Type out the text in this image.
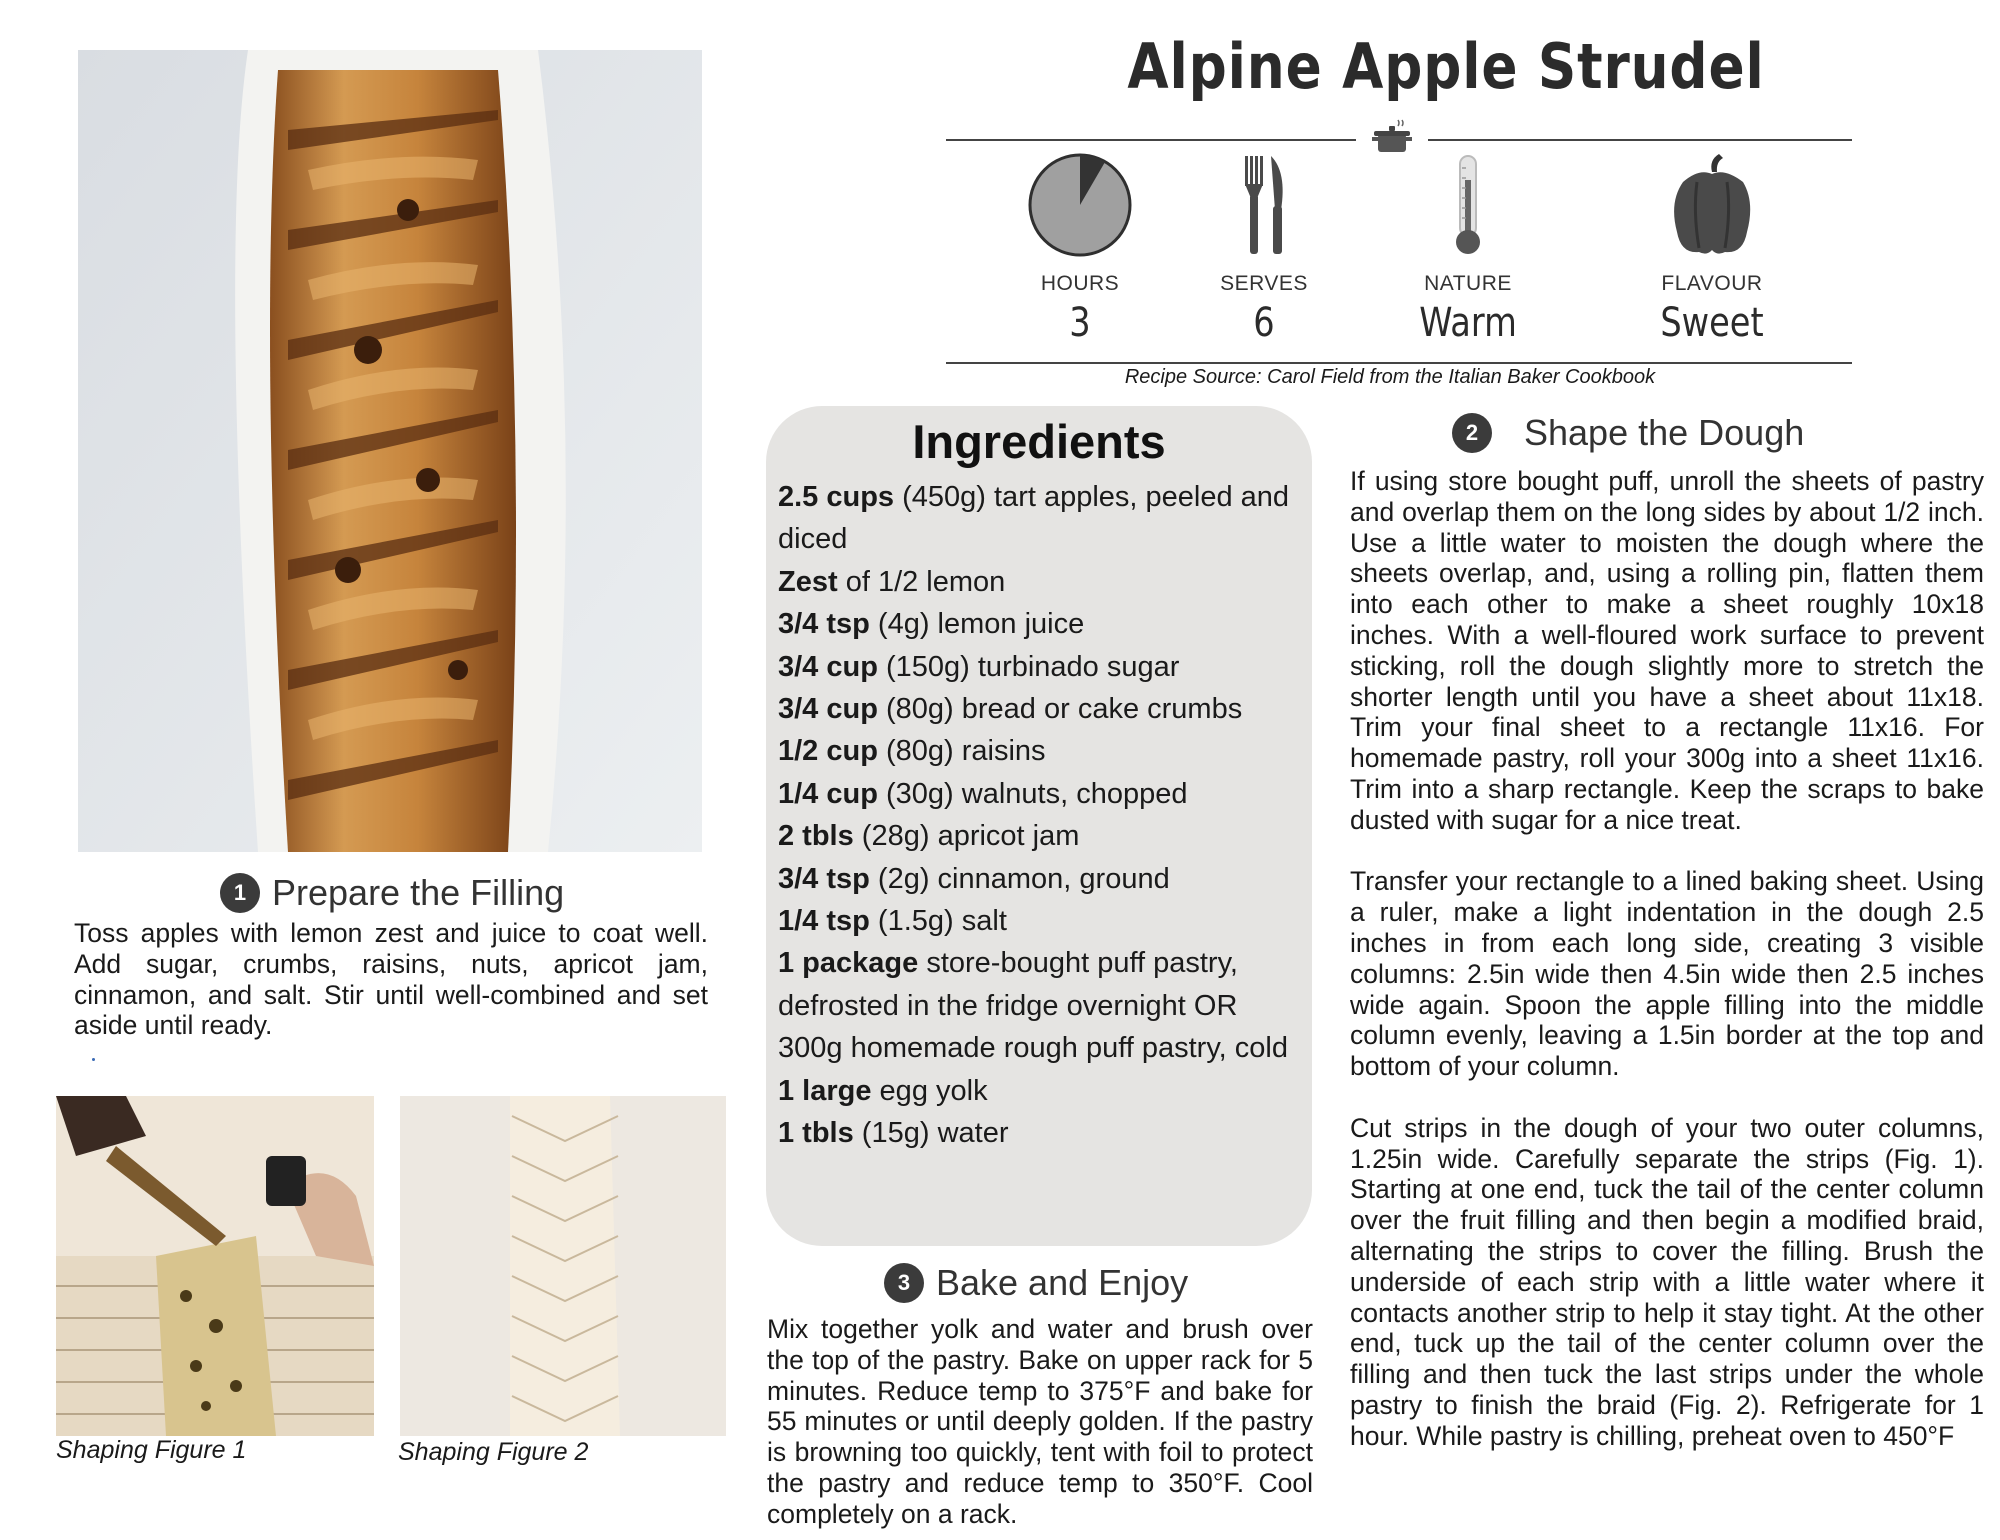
Alpine Apple Strudel
HOURS
3
SERVES
6
NATURE
Warm
FLAVOUR
Sweet
Recipe Source: Carol Field from the Italian Baker Cookbook
Ingredients
2.5 cups (450g) tart apples, peeled and diced
Zest of 1/2 lemon
3/4 tsp (4g) lemon juice
3/4 cup (150g) turbinado sugar
3/4 cup (80g) bread or cake crumbs
1/2 cup (80g) raisins
1/4 cup (30g) walnuts, chopped
2 tbls (28g) apricot jam
3/4 tsp (2g) cinnamon, ground
1/4 tsp (1.5g) salt
1 package store-bought puff pastry, defrosted in the fridge overnight OR 300g homemade rough puff pastry, cold
1 large egg yolk
1 tbls (15g) water
1 Prepare the Filling

Toss apples with lemon zest and juice to coat well. Add sugar, crumbs, raisins, nuts, apricot jam, cinnamon, and salt. Stir until well-combined and set aside until ready.

2	Shape the Dough

If using store bought puff, unroll the sheets of pastry and overlap them on the long sides by about 1/2 inch. Use a little water to moisten the dough where the sheets overlap, and, using a rolling pin, flatten them into each other to make a sheet roughly 10x18 inches. With a well-floured work surface to prevent sticking, roll the dough slightly more to stretch the shorter length until you have a sheet about 11x18. Trim your final sheet to a rectangle 11x16. For homemade pastry, roll your 300g into a sheet 11x16. Trim into a sharp rectangle. Keep the scraps to bake dusted with sugar for a nice treat.

Transfer your rectangle to a lined baking sheet. Using a ruler, make a light indentation in the dough 2.5 inches in from each long side, creating 3 visible columns: 2.5in wide then 4.5in wide then 2.5 inches wide again. Spoon the apple filling into the middle column evenly, leaving a 1.5in border at the top and bottom of your column.

Cut strips in the dough of your two outer columns, 1.25in wide. Carefully separate the strips (Fig. 1). Starting at one end, tuck the tail of the center column over the fruit filling and then begin a modified braid, alternating the strips to cover the filling. Brush the underside of each strip with a little water where it contacts another strip to help it stay tight. At the other end, tuck up the tail of the center column over the filling and then tuck the last strips under the whole pastry to finish the braid (Fig. 2). Refrigerate for 1 hour. While pastry is chilling, preheat oven to 450°F

3 Bake and Enjoy

Mix together yolk and water and brush over the top of the pastry. Bake on upper rack for 5 minutes. Reduce temp to 375°F and bake for 55 minutes or until deeply golden. If the pastry is browning too quickly, tent with foil to protect the pastry and reduce temp to 350°F. Cool completely on a rack.

Shaping Figure 1	Shaping Figure 2
